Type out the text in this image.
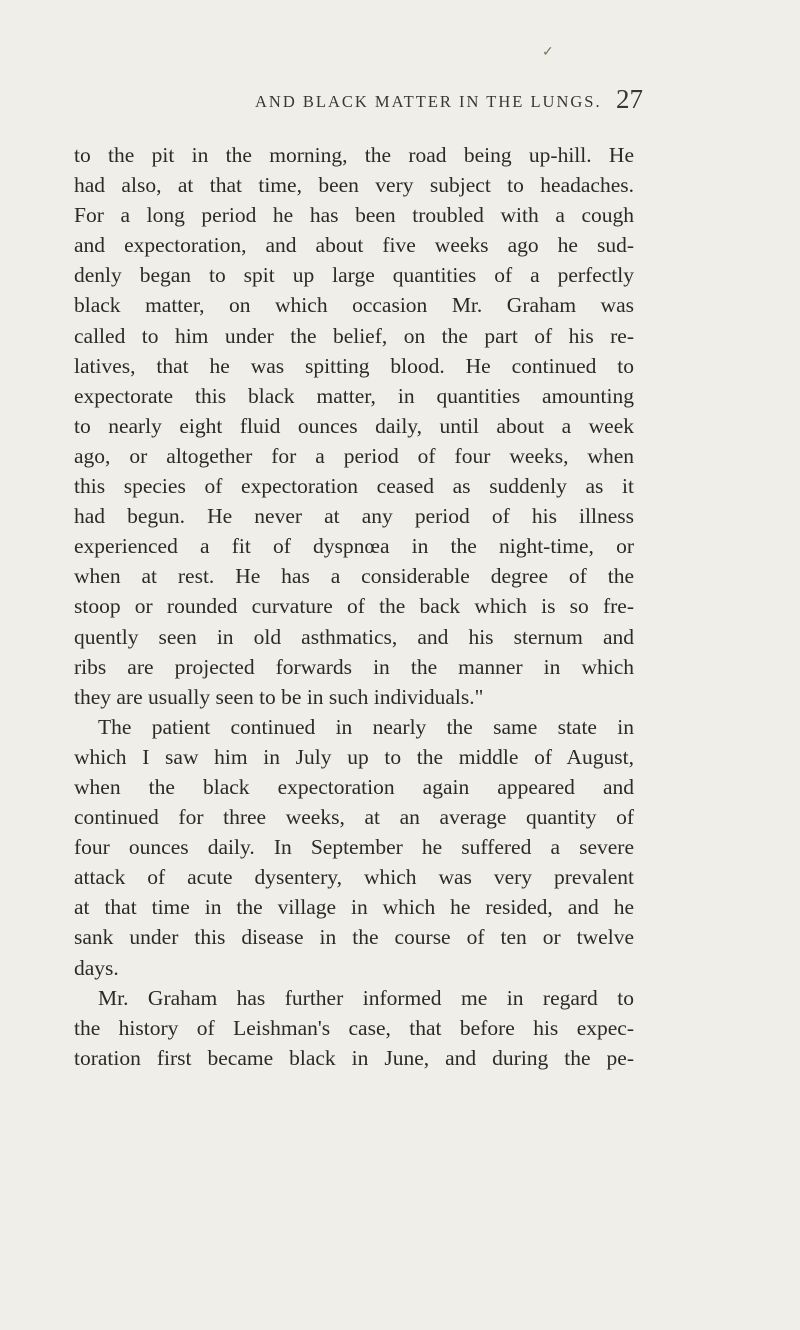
✓
AND BLACK MATTER IN THE LUNGS. 27
to the pit in the morning, the road being up-hill. He
had also, at that time, been very subject to headaches.
For a long period he has been troubled with a cough
and expectoration, and about five weeks ago he sud-
denly began to spit up large quantities of a perfectly
black matter, on which occasion Mr. Graham was
called to him under the belief, on the part of his re-
latives, that he was spitting blood. He continued to
expectorate this black matter, in quantities amounting
to nearly eight fluid ounces daily, until about a week
ago, or altogether for a period of four weeks, when
this species of expectoration ceased as suddenly as it
had begun. He never at any period of his illness
experienced a fit of dyspnœa in the night-time, or
when at rest. He has a considerable degree of the
stoop or rounded curvature of the back which is so fre-
quently seen in old asthmatics, and his sternum and
ribs are projected forwards in the manner in which
they are usually seen to be in such individuals."
The patient continued in nearly the same state in
which I saw him in July up to the middle of August,
when the black expectoration again appeared and
continued for three weeks, at an average quantity of
four ounces daily. In September he suffered a severe
attack of acute dysentery, which was very prevalent
at that time in the village in which he resided, and he
sank under this disease in the course of ten or twelve
days.
Mr. Graham has further informed me in regard to
the history of Leishman's case, that before his expec-
toration first became black in June, and during the pe-
